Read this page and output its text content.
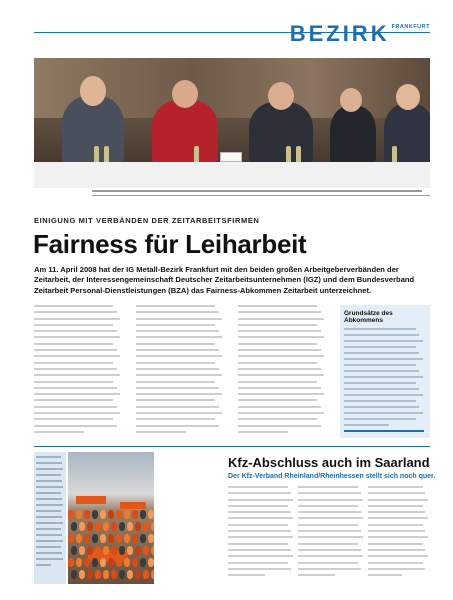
BEZIRK $^{FRANKFURT}$
EINIGUNG MIT VERBÄNDEN DER ZEITARBEITSFIRMEN
Fairness für Leiharbeit
Am 11. April 2008 hat der IG Metall-Bezirk Frankfurt mit den beiden großen Arbeitgeberverbänden der Zeitarbeit, der Interessengemeinschaft Deutscher Zeitarbeitsunternehmen (IGZ) und dem Bundesverband Zeitarbeit Personal-Dienstleistungen (BZA) das Fairness-Abkommen Zeitarbeit unterzeichnet.
Grundsätze des Abkommens
Kfz-Abschluss auch im Saarland
Der Kfz-Verband Rheinland/Rheinhessen stellt sich noch quer.
